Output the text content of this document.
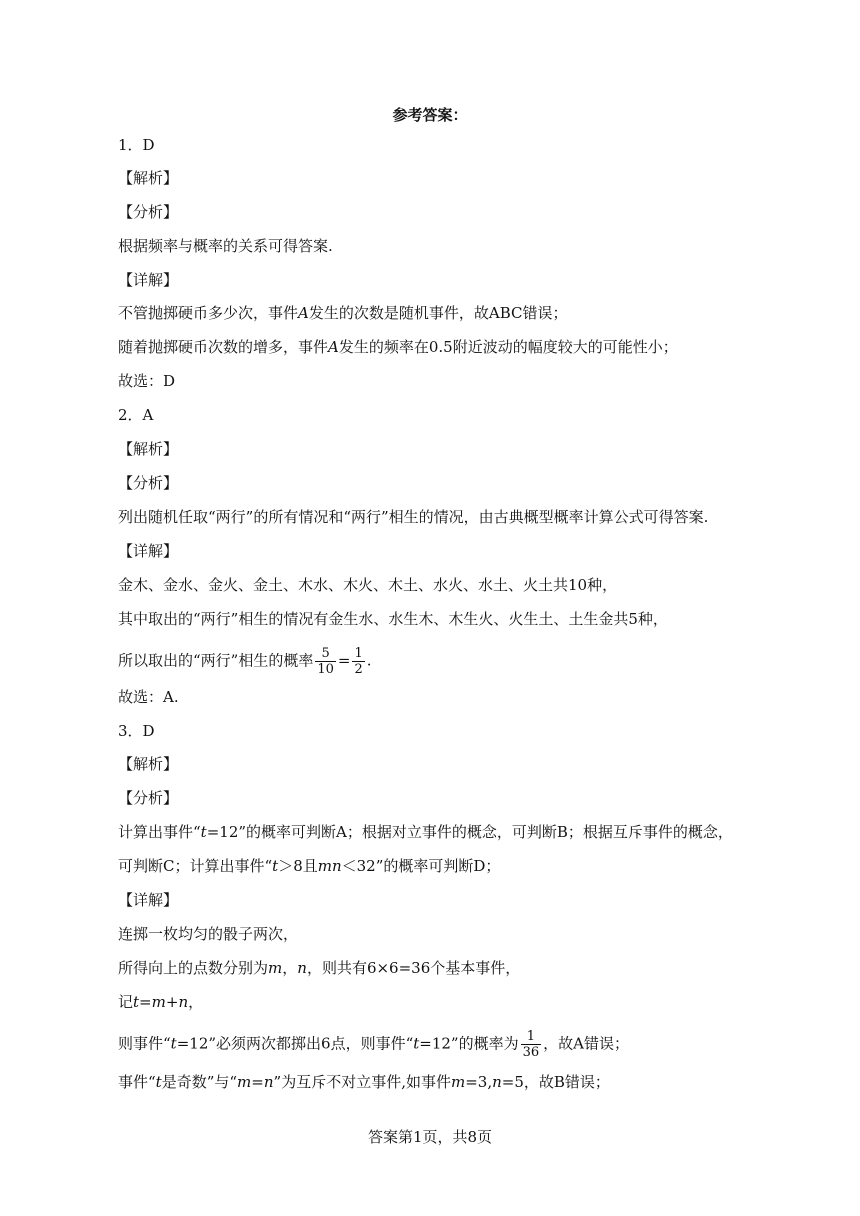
参考答案：
1．D
【解析】
【分析】
根据频率与概率的关系可得答案.
【详解】
不管抛掷硬币多少次，事件A发生的次数是随机事件，故ABC错误；
随着抛掷硬币次数的增多，事件A发生的频率在0.5附近波动的幅度较大的可能性小；
故选：D
2．A
【解析】
【分析】
列出随机任取“两行”的所有情况和“两行”相生的情况，由古典概型概率计算公式可得答案.
【详解】
金木、金水、金火、金土、木水、木火、木土、水火、水土、火土共10种，
其中取出的“两行”相生的情况有金生水、水生木、木生火、火生土、土生金共5种，
所以取出的“两行”相生的概率 $\frac{5}{10} = \frac{1}{2}$ .
故选：A.
3．D
【解析】
【分析】
计算出事件“t=12”的概率可判断A；根据对立事件的概念，可判断B；根据互斥事件的概念，
可判断C；计算出事件“t＞8且mn＜32”的概率可判断D；
【详解】
连掷一枚均匀的骰子两次，
所得向上的点数分别为m，n，则共有6×6=36个基本事件，
记t=m+n，
则事件“t=12”必须两次都掷出6点，则事件“t=12”的概率为 $\frac{1}{36}$ ，故A错误；
事件“t是奇数”与“m=n”为互斥不对立事件,如事件m=3,n=5，故B错误；
答案第1页，共8页
